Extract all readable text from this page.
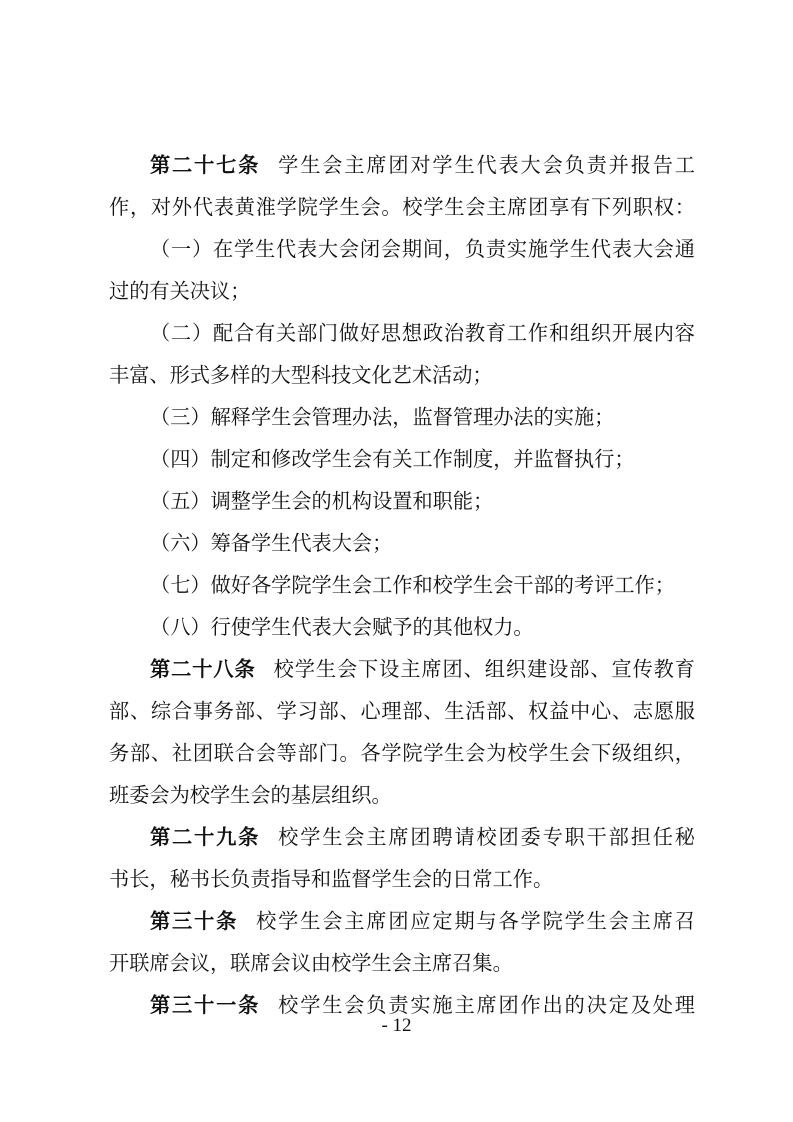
第二十七条 学生会主席团对学生代表大会负责并报告工
作，对外代表黄淮学院学生会。校学生会主席团享有下列职权：
（一）在学生代表大会闭会期间，负责实施学生代表大会通
过的有关决议；
（二）配合有关部门做好思想政治教育工作和组织开展内容
丰富、形式多样的大型科技文化艺术活动；
（三）解释学生会管理办法，监督管理办法的实施；
（四）制定和修改学生会有关工作制度，并监督执行；
（五）调整学生会的机构设置和职能；
（六）筹备学生代表大会；
（七）做好各学院学生会工作和校学生会干部的考评工作；
（八）行使学生代表大会赋予的其他权力。
第二十八条 校学生会下设主席团、组织建设部、宣传教育
部、综合事务部、学习部、心理部、生活部、权益中心、志愿服
务部、社团联合会等部门。各学院学生会为校学生会下级组织，
班委会为校学生会的基层组织。
第二十九条 校学生会主席团聘请校团委专职干部担任秘
书长，秘书长负责指导和监督学生会的日常工作。
第三十条 校学生会主席团应定期与各学院学生会主席召
开联席会议，联席会议由校学生会主席召集。
第三十一条 校学生会负责实施主席团作出的决定及处理
- 12
